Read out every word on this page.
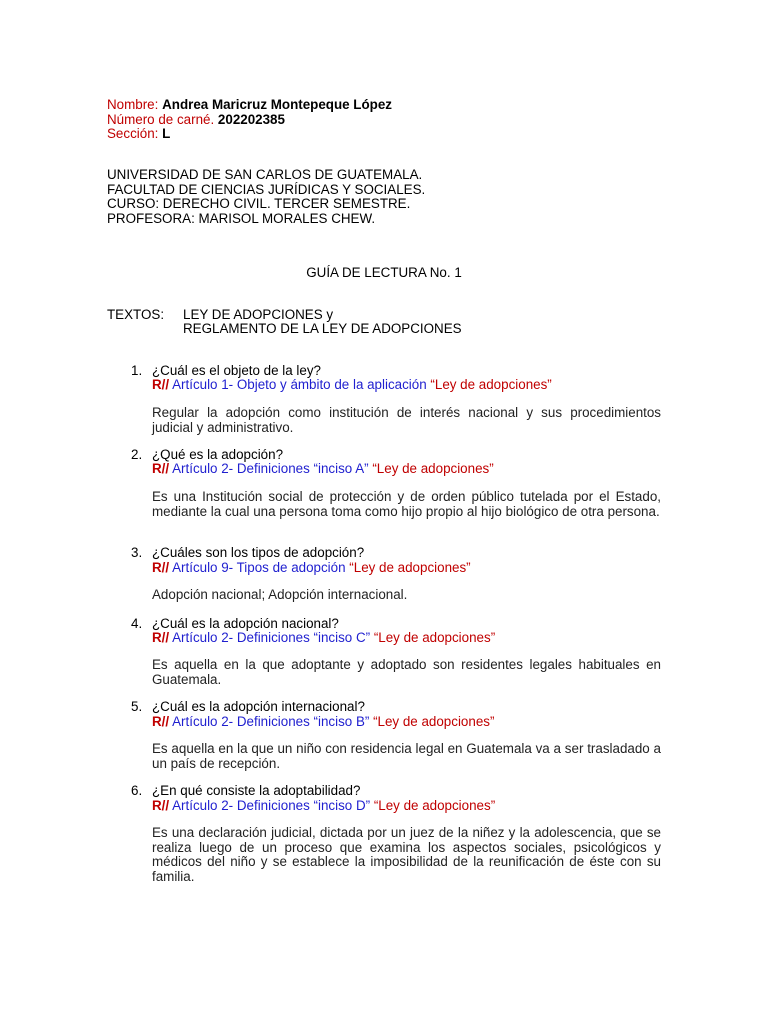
Nombre: Andrea Maricruz Montepeque López
Número de carné. 202202385
Sección: L
UNIVERSIDAD DE SAN CARLOS DE GUATEMALA.
FACULTAD DE CIENCIAS JURÍDICAS Y SOCIALES.
CURSO: DERECHO CIVIL. TERCER SEMESTRE.
PROFESORA: MARISOL MORALES CHEW.
GUÍA DE LECTURA No. 1
TEXTOS: LEY DE ADOPCIONES y
REGLAMENTO DE LA LEY DE ADOPCIONES
1. ¿Cuál es el objeto de la ley?
R// Artículo 1- Objeto y ámbito de la aplicación “Ley de adopciones”
Regular la adopción como institución de interés nacional y sus procedimientos judicial y administrativo.
2. ¿Qué es la adopción?
R// Artículo 2- Definiciones “inciso A” “Ley de adopciones”
Es una Institución social de protección y de orden público tutelada por el Estado, mediante la cual una persona toma como hijo propio al hijo biológico de otra persona.
3. ¿Cuáles son los tipos de adopción?
R// Artículo 9- Tipos de adopción “Ley de adopciones”
Adopción nacional; Adopción internacional.
4. ¿Cuál es la adopción nacional?
R// Artículo 2- Definiciones “inciso C” “Ley de adopciones”
Es aquella en la que adoptante y adoptado son residentes legales habituales en Guatemala.
5. ¿Cuál es la adopción internacional?
R// Artículo 2- Definiciones “inciso B” “Ley de adopciones”
Es aquella en la que un niño con residencia legal en Guatemala va a ser trasladado a un país de recepción.
6. ¿En qué consiste la adoptabilidad?
R// Artículo 2- Definiciones “inciso D” “Ley de adopciones”
Es una declaración judicial, dictada por un juez de la niñez y la adolescencia, que se realiza luego de un proceso que examina los aspectos sociales, psicológicos y médicos del niño y se establece la imposibilidad de la reunificación de éste con su familia.
